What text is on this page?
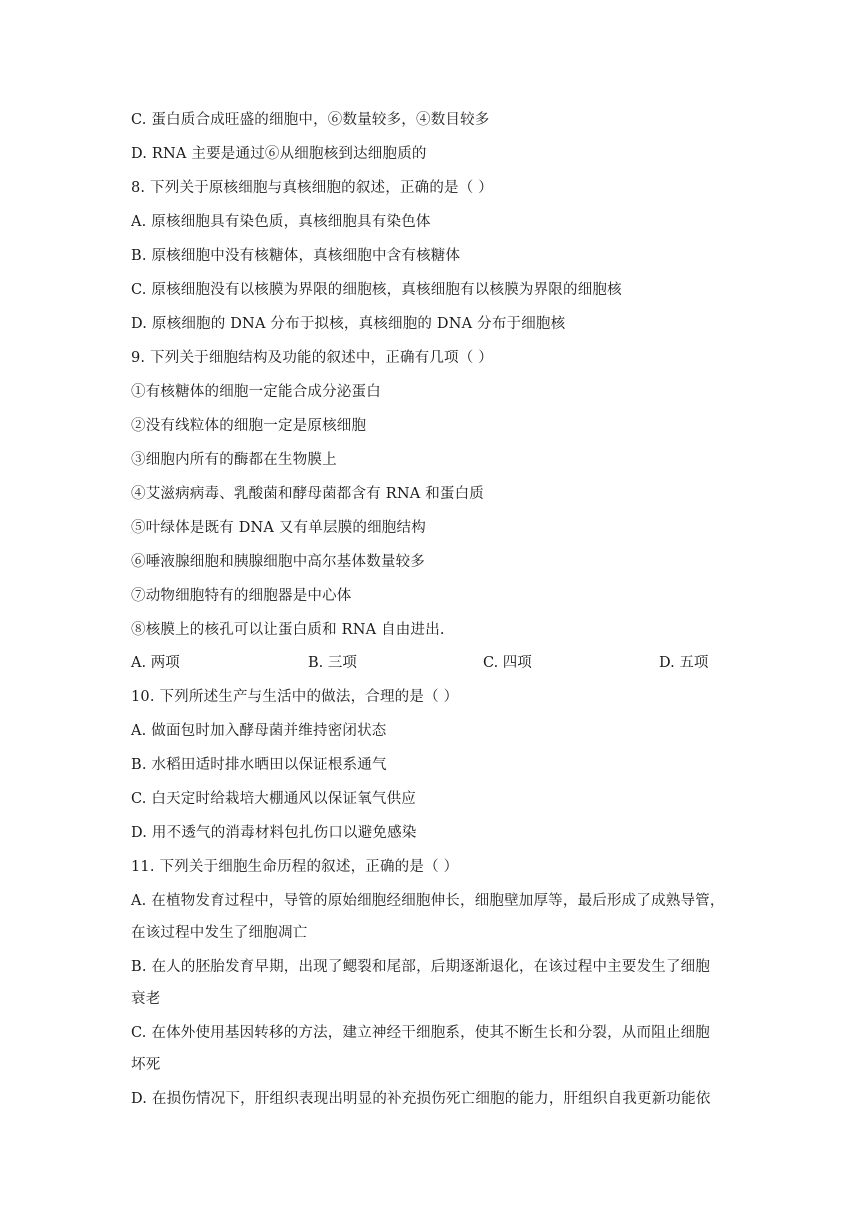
C. 蛋白质合成旺盛的细胞中，⑥数量较多，④数目较多
D. RNA 主要是通过⑥从细胞核到达细胞质的
8. 下列关于原核细胞与真核细胞的叙述，正确的是（ ）
A. 原核细胞具有染色质，真核细胞具有染色体
B. 原核细胞中没有核糖体，真核细胞中含有核糖体
C. 原核细胞没有以核膜为界限的细胞核，真核细胞有以核膜为界限的细胞核
D. 原核细胞的 DNA 分布于拟核，真核细胞的 DNA 分布于细胞核
9. 下列关于细胞结构及功能的叙述中，正确有几项（ ）
①有核糖体的细胞一定能合成分泌蛋白
②没有线粒体的细胞一定是原核细胞
③细胞内所有的酶都在生物膜上
④艾滋病病毒、乳酸菌和酵母菌都含有 RNA 和蛋白质
⑤叶绿体是既有 DNA 又有单层膜的细胞结构
⑥唾液腺细胞和胰腺细胞中高尔基体数量较多
⑦动物细胞特有的细胞器是中心体
⑧核膜上的核孔可以让蛋白质和 RNA 自由进出.
A. 两项	B. 三项	C. 四项	D. 五项
10. 下列所述生产与生活中的做法，合理的是（ ）
A. 做面包时加入酵母菌并维持密闭状态
B. 水稻田适时排水晒田以保证根系通气
C. 白天定时给栽培大棚通风以保证氧气供应
D. 用不透气的消毒材料包扎伤口以避免感染
11. 下列关于细胞生命历程的叙述，正确的是（ ）
A. 在植物发育过程中，导管的原始细胞经细胞伸长，细胞壁加厚等，最后形成了成熟导管，
在该过程中发生了细胞凋亡
B. 在人的胚胎发育早期，出现了鳃裂和尾部，后期逐渐退化，在该过程中主要发生了细胞
衰老
C. 在体外使用基因转移的方法，建立神经干细胞系，使其不断生长和分裂，从而阻止细胞
坏死
D. 在损伤情况下，肝组织表现出明显的补充损伤死亡细胞的能力，肝组织自我更新功能依
